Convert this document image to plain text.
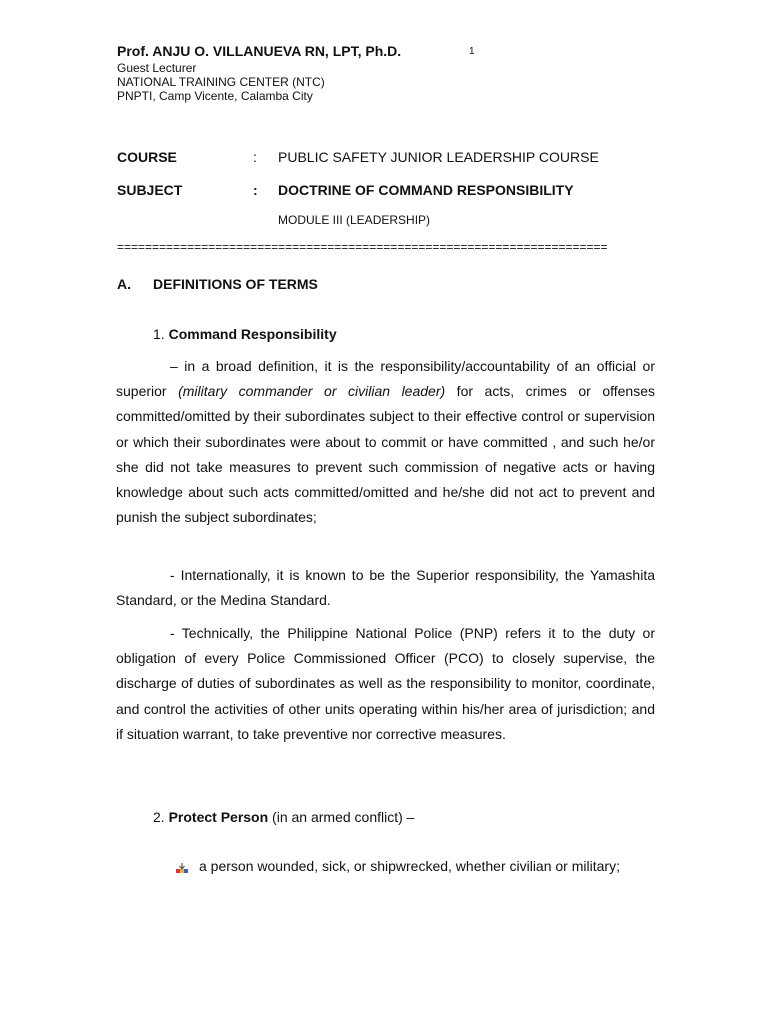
Prof. ANJU O. VILLANUEVA RN, LPT, Ph.D.	1
Guest Lecturer
NATIONAL TRAINING CENTER (NTC)
PNPTI, Camp Vicente, Calamba City
COURSE	: PUBLIC SAFETY JUNIOR LEADERSHIP COURSE
SUBJECT	: DOCTRINE OF COMMAND RESPONSIBILITY
MODULE III (LEADERSHIP)
======================================================================
A. DEFINITIONS OF TERMS
1. Command Responsibility
– in a broad definition, it is the responsibility/accountability of an official or superior (military commander or civilian leader) for acts, crimes or offenses committed/omitted by their subordinates subject to their effective control or supervision or which their subordinates were about to commit or have committed , and such he/or she did not take measures to prevent such commission of negative acts or having knowledge about such acts committed/omitted and he/she did not act to prevent and punish the subject subordinates;
- Internationally, it is known to be the Superior responsibility, the Yamashita Standard, or the Medina Standard.
- Technically, the Philippine National Police (PNP) refers it to the duty or obligation of every Police Commissioned Officer (PCO) to closely supervise, the discharge of duties of subordinates as well as the responsibility to monitor, coordinate, and control the activities of other units operating within his/her area of jurisdiction; and if situation warrant, to take preventive nor corrective measures.
2. Protect Person (in an armed conflict) –
a person wounded, sick, or shipwrecked, whether civilian or military;
